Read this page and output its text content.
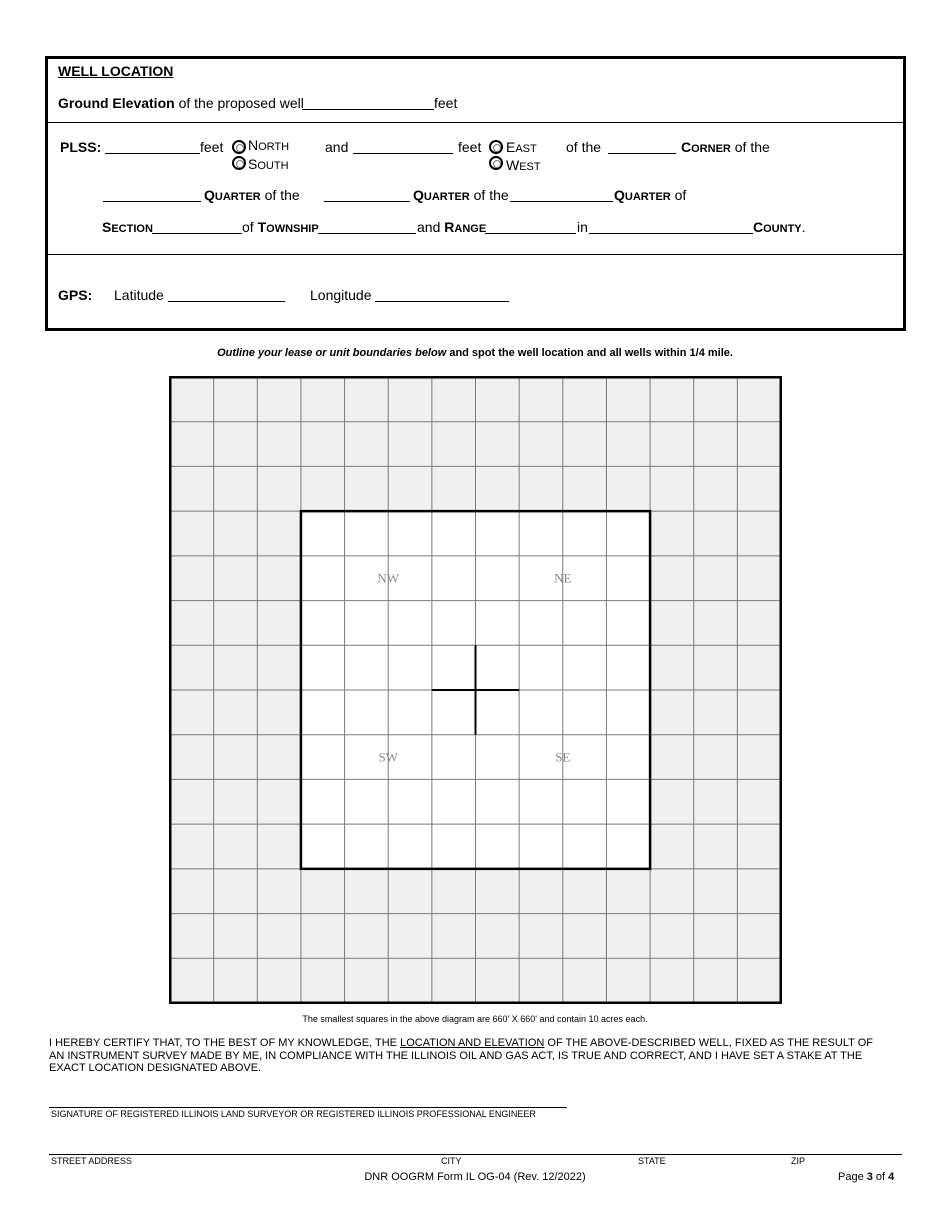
WELL LOCATION
Ground Elevation of the proposed well	feet
PLSS:	feet NORTH
SOUTH
and	feet EAST
WEST
of the	CORNER of the
QUARTER of the	QUARTER of the	QUARTER of
SECTION	of TOWNSHIP	and RANGE	in	COUNTY.
GPS: Latitude	Longitude
Outline your lease or unit boundaries below and spot the well location and all wells within 1/4 mile.
NW	NE
SW	SE
The smallest squares in the above diagram are 660' X 660' and contain 10 acres each.
I HEREBY CERTIFY THAT, TO THE BEST OF MY KNOWLEDGE, THE LOCATION AND ELEVATION OF THE ABOVE-DESCRIBED WELL, FIXED AS THE RESULT OF AN INSTRUMENT SURVEY MADE BY ME, IN COMPLIANCE WITH THE ILLINOIS OIL AND GAS ACT, IS TRUE AND CORRECT, AND I HAVE SET A STAKE AT THE EXACT LOCATION DESIGNATED ABOVE.
SIGNATURE OF REGISTERED ILLINOIS LAND SURVEYOR OR REGISTERED ILLINOIS PROFESSIONAL ENGINEER
STREET ADDRESS	CITY	STATE	ZIP
DNR OOGRM Form IL OG-04 (Rev. 12/2022)	Page 3 of 4
